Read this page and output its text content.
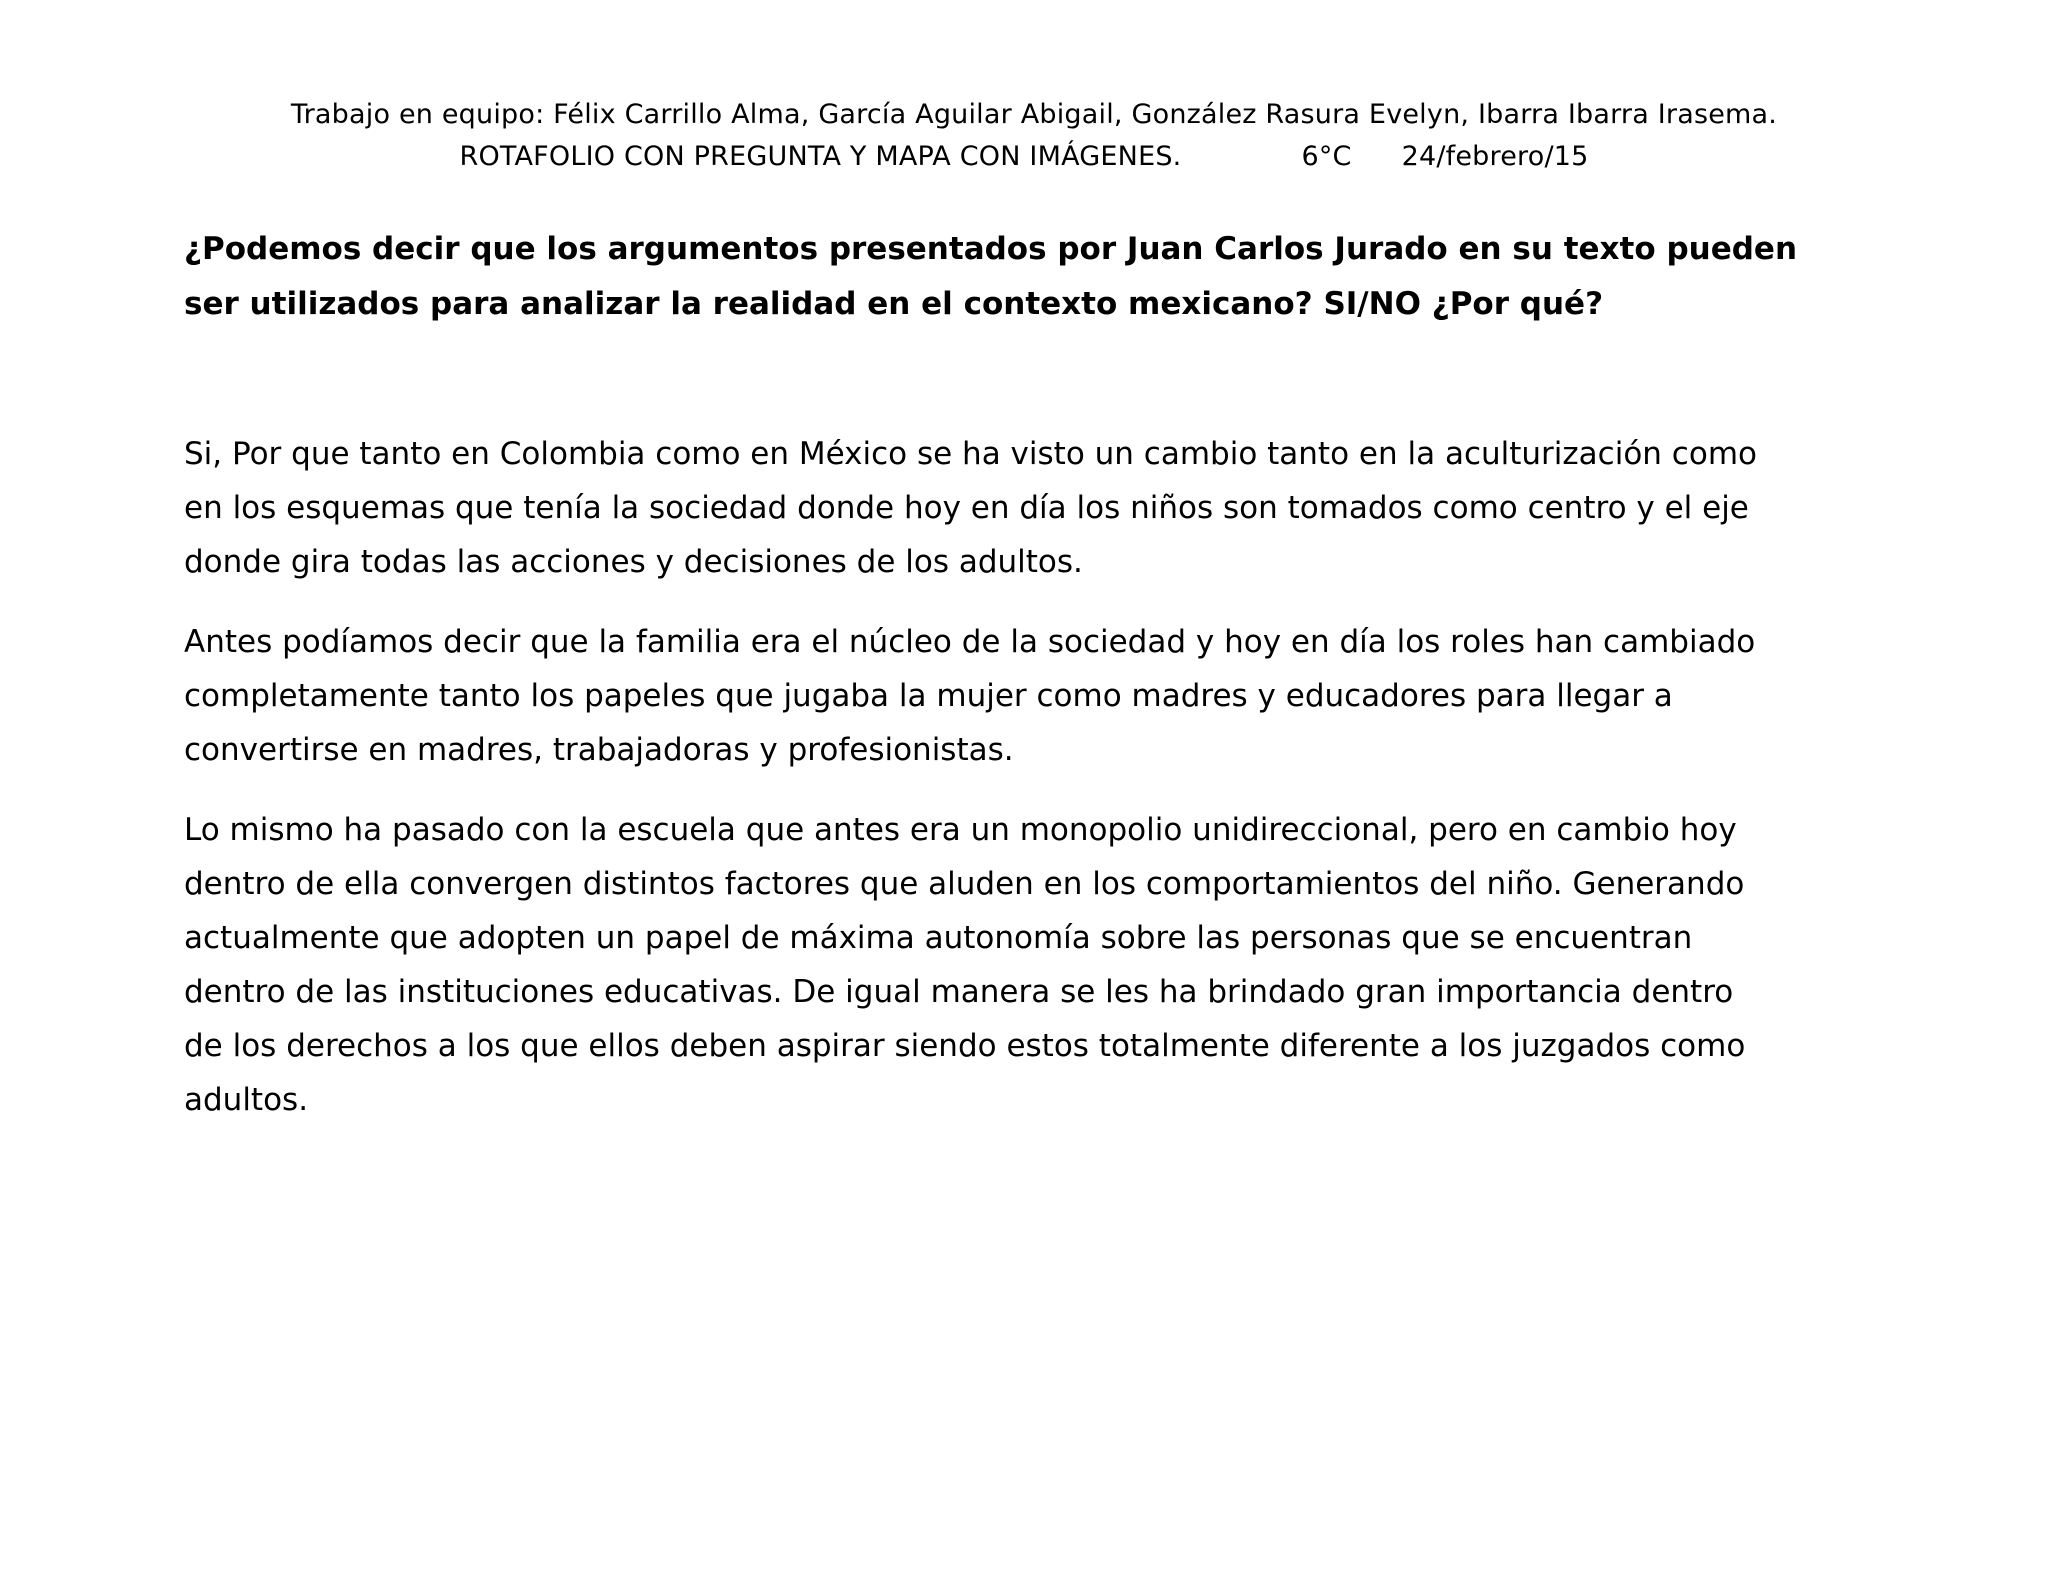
Trabajo en equipo: Félix Carrillo Alma, García Aguilar Abigail, González Rasura Evelyn, Ibarra Ibarra Irasema.
ROTAFOLIO CON PREGUNTA Y MAPA CON IMÁGENES.	6°C 24/febrero/15
¿Podemos decir que los argumentos presentados por Juan Carlos Jurado en su texto pueden
ser utilizados para analizar la realidad en el contexto mexicano? SI/NO ¿Por qué?

Si, Por que tanto en Colombia como en México se ha visto un cambio tanto en la aculturización como
en los esquemas que tenía la sociedad donde hoy en día los niños son tomados como centro y el eje
donde gira todas las acciones y decisiones de los adultos.

Antes podíamos decir que la familia era el núcleo de la sociedad y hoy en día los roles han cambiado
completamente tanto los papeles que jugaba la mujer como madres y educadores para llegar a
convertirse en madres, trabajadoras y profesionistas.

Lo mismo ha pasado con la escuela que antes era un monopolio unidireccional, pero en cambio hoy
dentro de ella convergen distintos factores que aluden en los comportamientos del niño. Generando
actualmente que adopten un papel de máxima autonomía sobre las personas que se encuentran
dentro de las instituciones educativas. De igual manera se les ha brindado gran importancia dentro
de los derechos a los que ellos deben aspirar siendo estos totalmente diferente a los juzgados como
adultos.
